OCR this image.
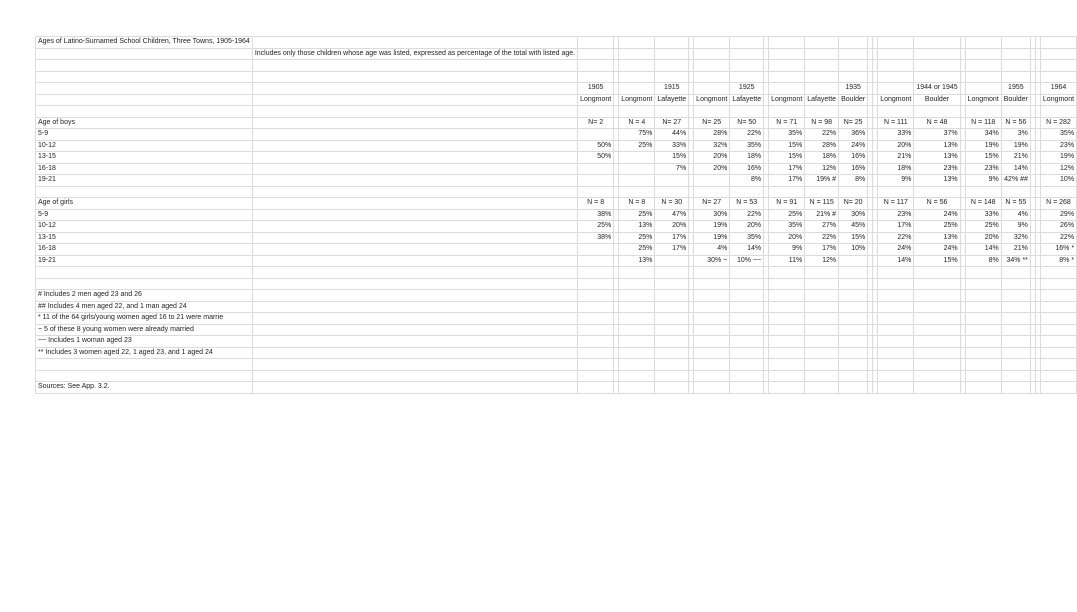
Ages of Latino-Surnamed School Children, Three Towns, 1905-1964																						
	Includes only those children whose age was listed, expressed as percentage of the total with listed age.																					

		1905			1915			1925				1935				1944 or 1945			1955			1964
		Longmont		Longmont	Lafayette		Longmont	Lafayette		Longmont	Lafayette	Boulder			Longmont	Boulder		Longmont	Boulder			Longmont

Age of boys		N= 2		N = 4	N= 27		N= 25	N= 50		N = 71	N = 98	N= 25			N = 111	N = 48		N = 118	N = 56			N = 282
5-9				75%	44%		28%	22%		35%	22%	36%			33%	37%		34%	3%			35%
10-12		50%		25%	33%		32%	35%		15%	28%	24%			20%	13%		19%	19%			23%
13-15		50%			15%		20%	18%		15%	18%	16%			21%	13%		15%	21%			19%
16-18					7%		20%	16%		17%	12%	16%			18%	23%		23%	14%			12%
19-21								8%		17%	19% #	8%			9%	13%		9%	42% ##			10%

Age of girls		N = 8		N = 8	N = 30		N= 27	N = 53		N = 91	N = 115	N= 20			N = 117	N = 56		N = 148	N = 55			N = 268
5-9		38%		25%	47%		30%	22%		25%	21% #	30%			23%	24%		33%	4%			29%
10-12		25%		13%	20%		19%	20%		35%	27%	45%			17%	25%		25%	9%			26%
13-15		38%		25%	17%		19%	35%		20%	22%	15%			22%	13%		20%	32%			22%
16-18				25%	17%		4%	14%		9%	17%	10%			24%	24%		14%	21%			16% *
19-21				13%			30% ~	10% ~~		11%	12%				14%	15%		8%	34% **			8% *

# Includes 2 men aged 23 and 26																						
## Includes 4 men aged 22, and 1 man aged 24																						
* 11 of the 64 girls/young women aged 16 to 21 were marrie																						
~ 5 of these 8 young women were already married																						
~~ Includes 1 woman aged 23																						
** Includes 3 women aged 22, 1 aged 23, and 1 aged 24																						

Sources: See App. 3.2.																						
